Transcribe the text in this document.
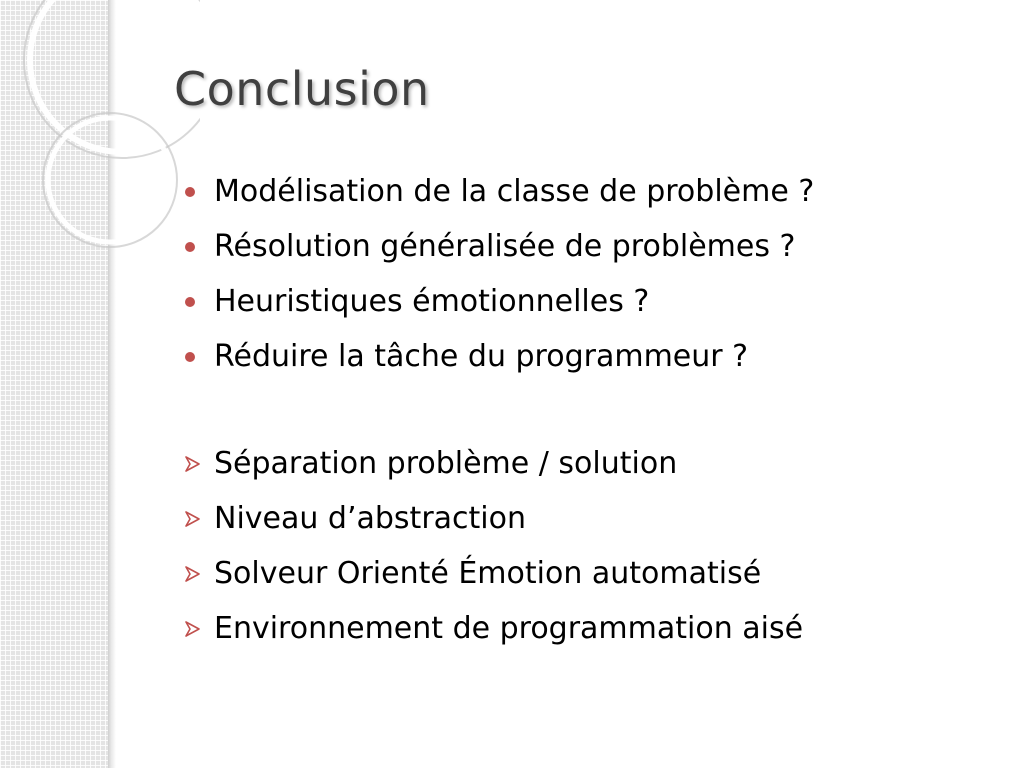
Conclusion
Modélisation de la classe de problème ?
Résolution généralisée de problèmes ?
Heuristiques émotionnelles ?
Réduire la tâche du programmeur ?
Séparation problème / solution
Niveau d’abstraction
Solveur Orienté Émotion automatisé
Environnement de programmation aisé
